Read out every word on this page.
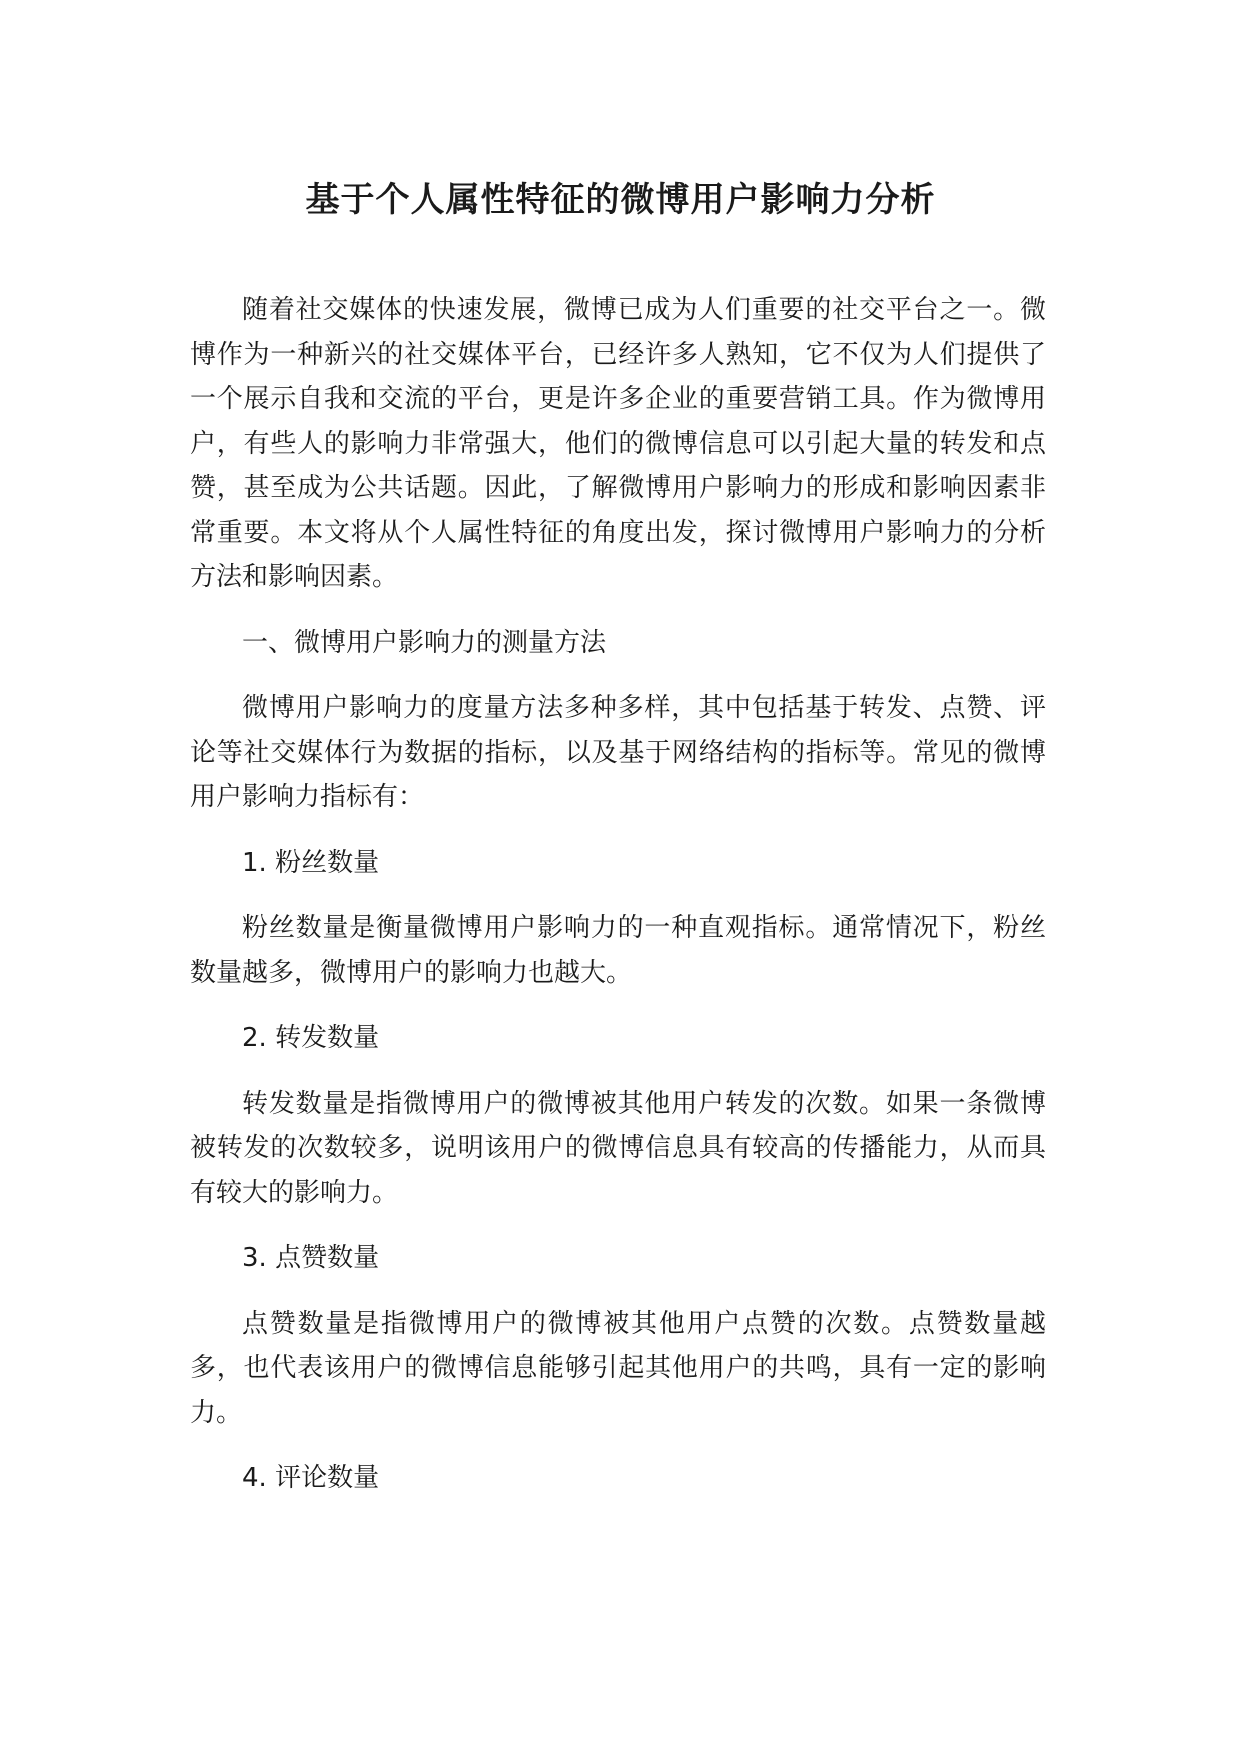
基于个人属性特征的微博用户影响力分析

随着社交媒体的快速发展，微博已成为人们重要的社交平台之一。微博作为一种新兴的社交媒体平台，已经许多人熟知，它不仅为人们提供了一个展示自我和交流的平台，更是许多企业的重要营销工具。作为微博用户，有些人的影响力非常强大，他们的微博信息可以引起大量的转发和点赞，甚至成为公共话题。因此，了解微博用户影响力的形成和影响因素非常重要。本文将从个人属性特征的角度出发，探讨微博用户影响力的分析方法和影响因素。

一、微博用户影响力的测量方法

微博用户影响力的度量方法多种多样，其中包括基于转发、点赞、评论等社交媒体行为数据的指标，以及基于网络结构的指标等。常见的微博用户影响力指标有：

1. 粉丝数量

粉丝数量是衡量微博用户影响力的一种直观指标。通常情况下，粉丝数量越多，微博用户的影响力也越大。

2. 转发数量

转发数量是指微博用户的微博被其他用户转发的次数。如果一条微博被转发的次数较多，说明该用户的微博信息具有较高的传播能力，从而具有较大的影响力。

3. 点赞数量

点赞数量是指微博用户的微博被其他用户点赞的次数。点赞数量越多，也代表该用户的微博信息能够引起其他用户的共鸣，具有一定的影响力。

4. 评论数量
